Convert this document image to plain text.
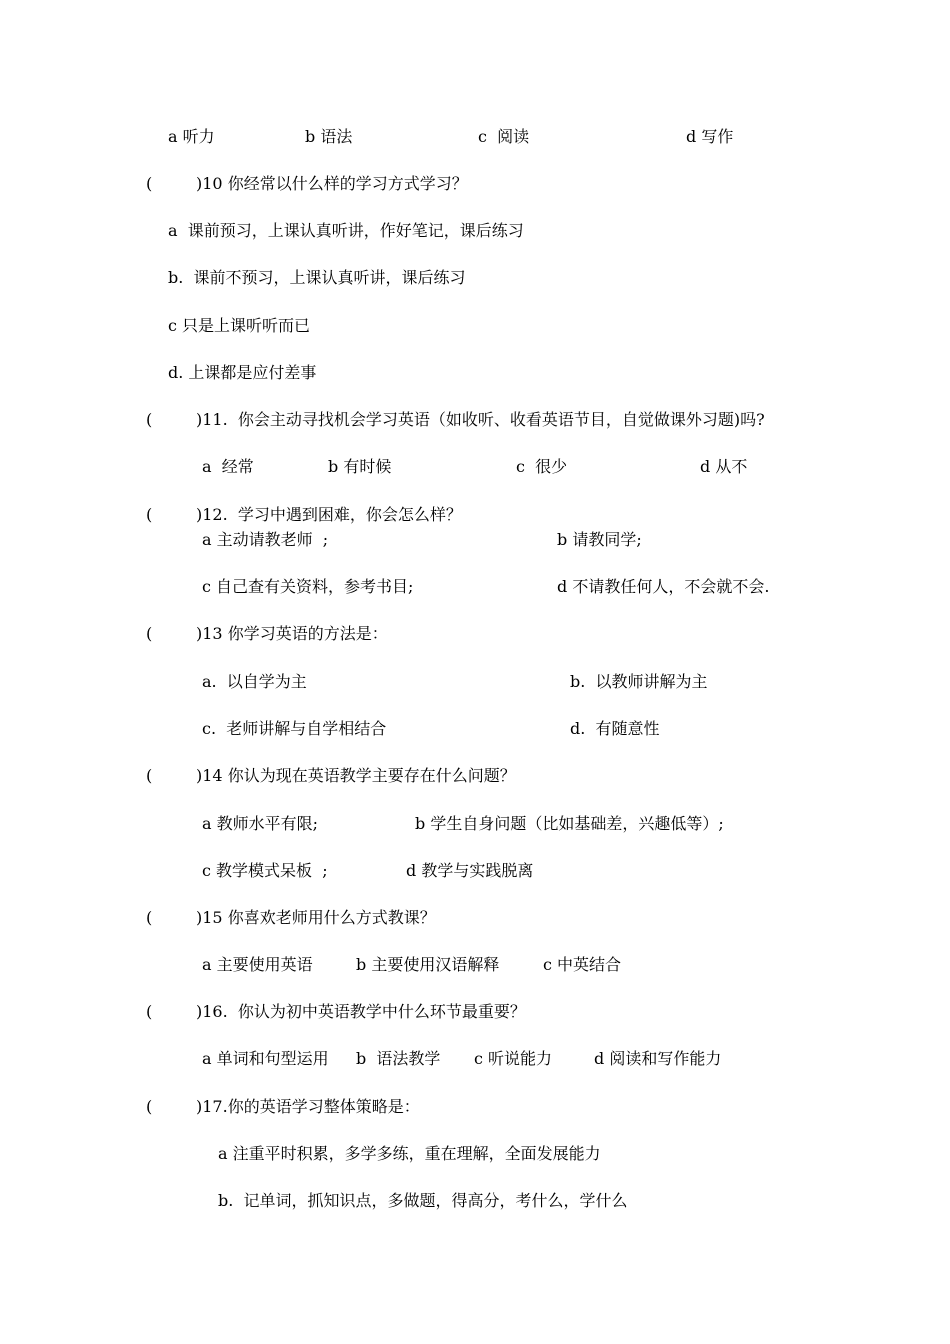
a 听力	b 语法	c  阅读	d 写作
(	)10 你经常以什么样的学习方式学习？
a  课前预习，上课认真听讲，作好笔记，课后练习
b.  课前不预习，上课认真听讲，课后练习
c 只是上课听听而已
d. 上课都是应付差事
(	)11.  你会主动寻找机会学习英语（如收听、收看英语节目，自觉做课外习题)吗?
a  经常	b 有时候	c  很少	d 从不
(	)12.  学习中遇到困难，你会怎么样？
a 主动请教老师  ;	b 请教同学;
c 自己查有关资料，参考书目;	d 不请教任何人，不会就不会.
(	)13 你学习英语的方法是：
a.  以自学为主	b.  以教师讲解为主
c.  老师讲解与自学相结合	d.  有随意性
(	)14 你认为现在英语教学主要存在什么问题？
a 教师水平有限;	b 学生自身问题（比如基础差，兴趣低等）;
c 教学模式呆板  ;	d 教学与实践脱离
(	)15 你喜欢老师用什么方式教课？
a 主要使用英语	b 主要使用汉语解释	c 中英结合
(	)16.  你认为初中英语教学中什么环节最重要？
a 单词和句型运用 b  语法教学 c 听说能力	d 阅读和写作能力
(	)17.你的英语学习整体策略是：
a 注重平时积累，多学多练，重在理解，全面发展能力
b.  记单词，抓知识点，多做题，得高分，考什么，学什么
